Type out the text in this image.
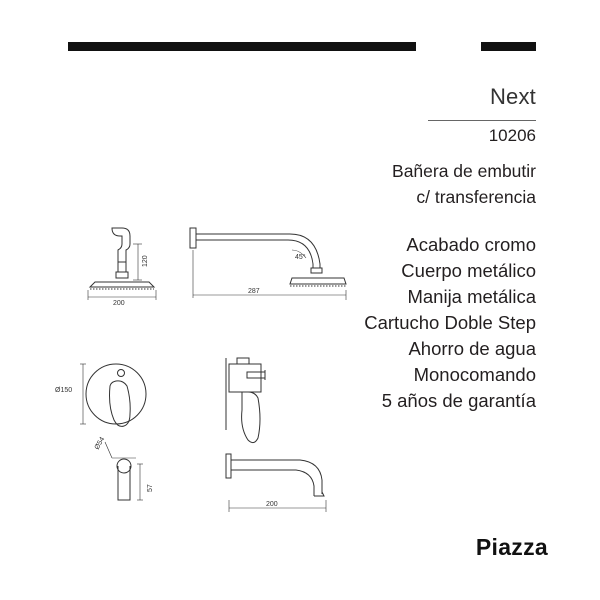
Next
10206
Bañera de embutir
c/ transferencia
Acabado cromo
Cuerpo metálico
Manija metálica
Cartucho Doble Step
Ahorro de agua
Monocomando
5 años de garantía
120
200
45°
287
Ø150
Ø54
57
200
Piazza
